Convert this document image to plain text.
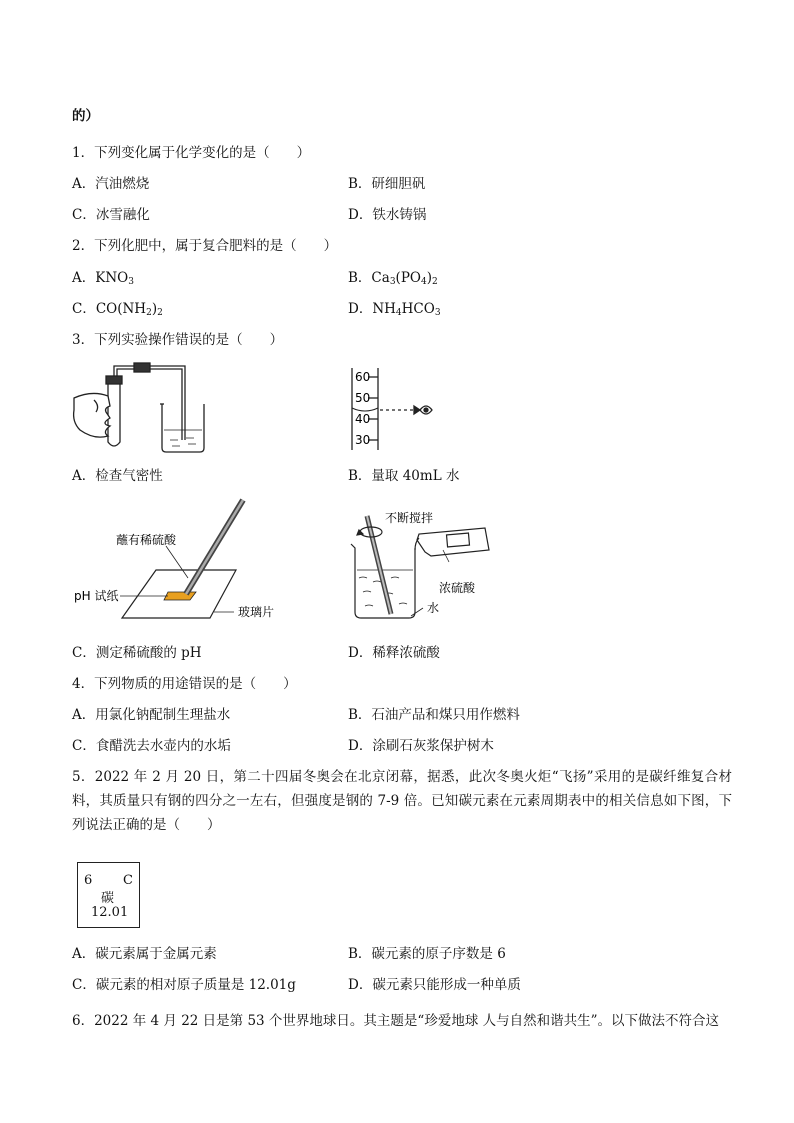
的）
1．下列变化属于化学变化的是（　　）
A．汽油燃烧	B．研细胆矾
C．冰雪融化	D．铁水铸锅
2．下列化肥中，属于复合肥料的是（　　）
A．$KNO_3$	B．$Ca_3(PO_4)_2$
C．$CO(NH_2)_2$	D．$NH_4HCO_3$
3．下列实验操作错误的是（　　）
A．检查气密性
60
50
40
30
B．量取 40mL 水
蘸有稀硫酸
pH 试纸
玻璃片
C．测定稀硫酸的 pH
不断搅拌
浓硫酸
水
D．稀释浓硫酸
4．下列物质的用途错误的是（　　）
A．用氯化钠配制生理盐水	B．石油产品和煤只用作燃料
C．食醋洗去水壶内的水垢	D．涂刷石灰浆保护树木
5．2022 年 2 月 20 日，第二十四届冬奥会在北京闭幕，据悉，此次冬奥火炬“飞扬”采用的是碳纤维复合材料，其质量只有钢的四分之一左右，但强度是钢的 7-9 倍。已知碳元素在元素周期表中的相关信息如下图，下列说法正确的是（　　）
6 C
碳
12.01
A．碳元素属于金属元素	B．碳元素的原子序数是 6
C．碳元素的相对原子质量是 12.01g	D．碳元素只能形成一种单质
6．2022 年 4 月 22 日是第 53 个世界地球日。其主题是“珍爱地球 人与自然和谐共生”。以下做法不符合这
